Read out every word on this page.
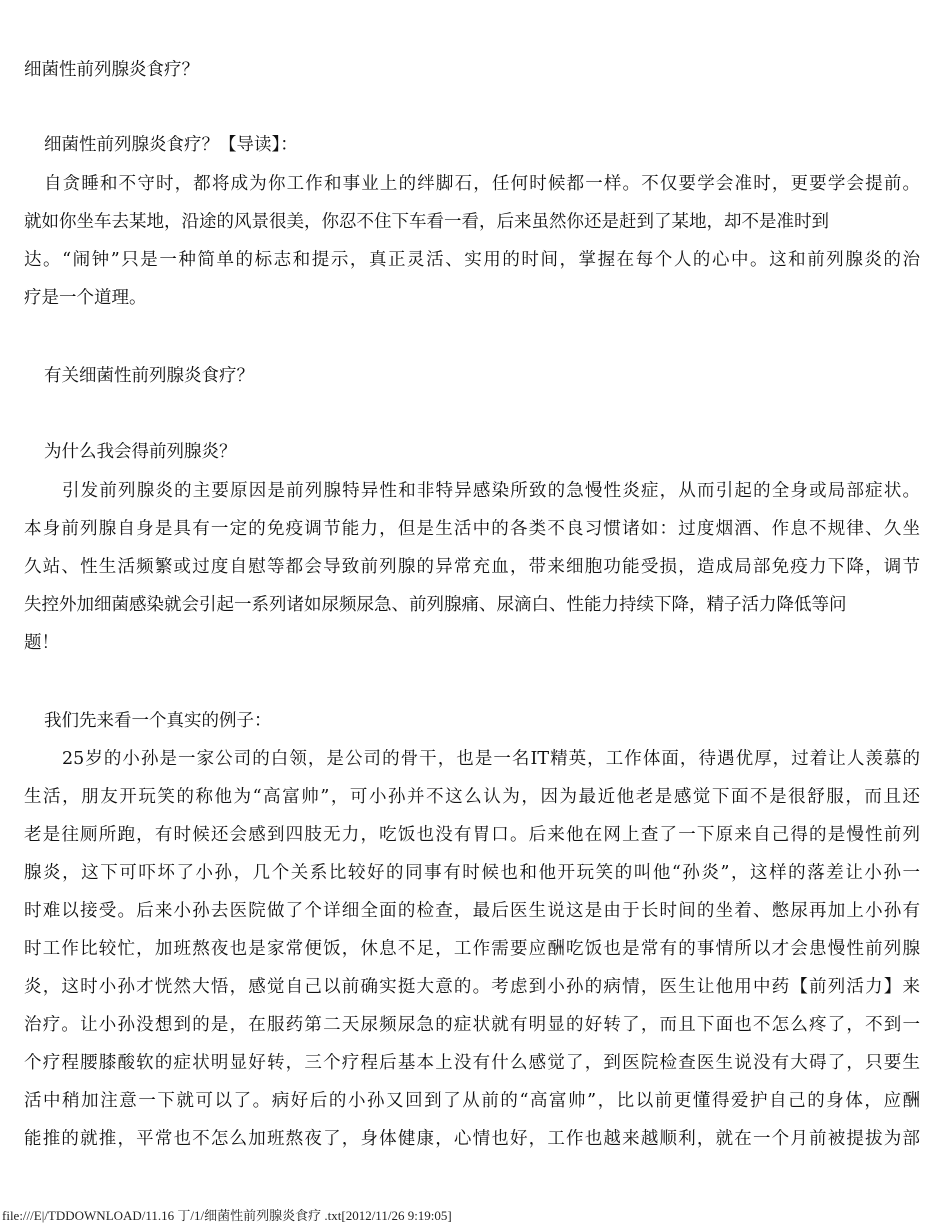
细菌性前列腺炎食疗？
细菌性前列腺炎食疗？【导读】：
自贪睡和不守时，都将成为你工作和事业上的绊脚石，任何时候都一样。不仅要学会准时，更要学会提前。
就如你坐车去某地，沿途的风景很美，你忍不住下车看一看，后来虽然你还是赶到了某地，却不是准时到
达。“闹钟”只是一种简单的标志和提示，真正灵活、实用的时间，掌握在每个人的心中。这和前列腺炎的治
疗是一个道理。
有关细菌性前列腺炎食疗？
为什么我会得前列腺炎？
引发前列腺炎的主要原因是前列腺特异性和非特异感染所致的急慢性炎症，从而引起的全身或局部症状。
本身前列腺自身是具有一定的免疫调节能力，但是生活中的各类不良习惯诸如：过度烟酒、作息不规律、久坐
久站、性生活频繁或过度自慰等都会导致前列腺的异常充血，带来细胞功能受损，造成局部免疫力下降，调节
失控外加细菌感染就会引起一系列诸如尿频尿急、前列腺痛、尿滴白、性能力持续下降，精子活力降低等问
题！
我们先来看一个真实的例子：
25岁的小孙是一家公司的白领，是公司的骨干，也是一名IT精英，工作体面，待遇优厚，过着让人羡慕的
生活，朋友开玩笑的称他为“高富帅”，可小孙并不这么认为，因为最近他老是感觉下面不是很舒服，而且还
老是往厕所跑，有时候还会感到四肢无力，吃饭也没有胃口。后来他在网上查了一下原来自己得的是慢性前列
腺炎，这下可吓坏了小孙，几个关系比较好的同事有时候也和他开玩笑的叫他“孙炎”，这样的落差让小孙一
时难以接受。后来小孙去医院做了个详细全面的检查，最后医生说这是由于长时间的坐着、憋尿再加上小孙有
时工作比较忙，加班熬夜也是家常便饭，休息不足，工作需要应酬吃饭也是常有的事情所以才会患慢性前列腺
炎，这时小孙才恍然大悟，感觉自己以前确实挺大意的。考虑到小孙的病情，医生让他用中药【前列活力】来
治疗。让小孙没想到的是，在服药第二天尿频尿急的症状就有明显的好转了，而且下面也不怎么疼了，不到一
个疗程腰膝酸软的症状明显好转，三个疗程后基本上没有什么感觉了，到医院检查医生说没有大碍了，只要生
活中稍加注意一下就可以了。病好后的小孙又回到了从前的“高富帅”，比以前更懂得爱护自己的身体，应酬
能推的就推，平常也不怎么加班熬夜了，身体健康，心情也好，工作也越来越顺利，就在一个月前被提拔为部
file:///E|/TDDOWNLOAD/11.16 丁/1/细菌性前列腺炎食疗 .txt[2012/11/26 9:19:05]
